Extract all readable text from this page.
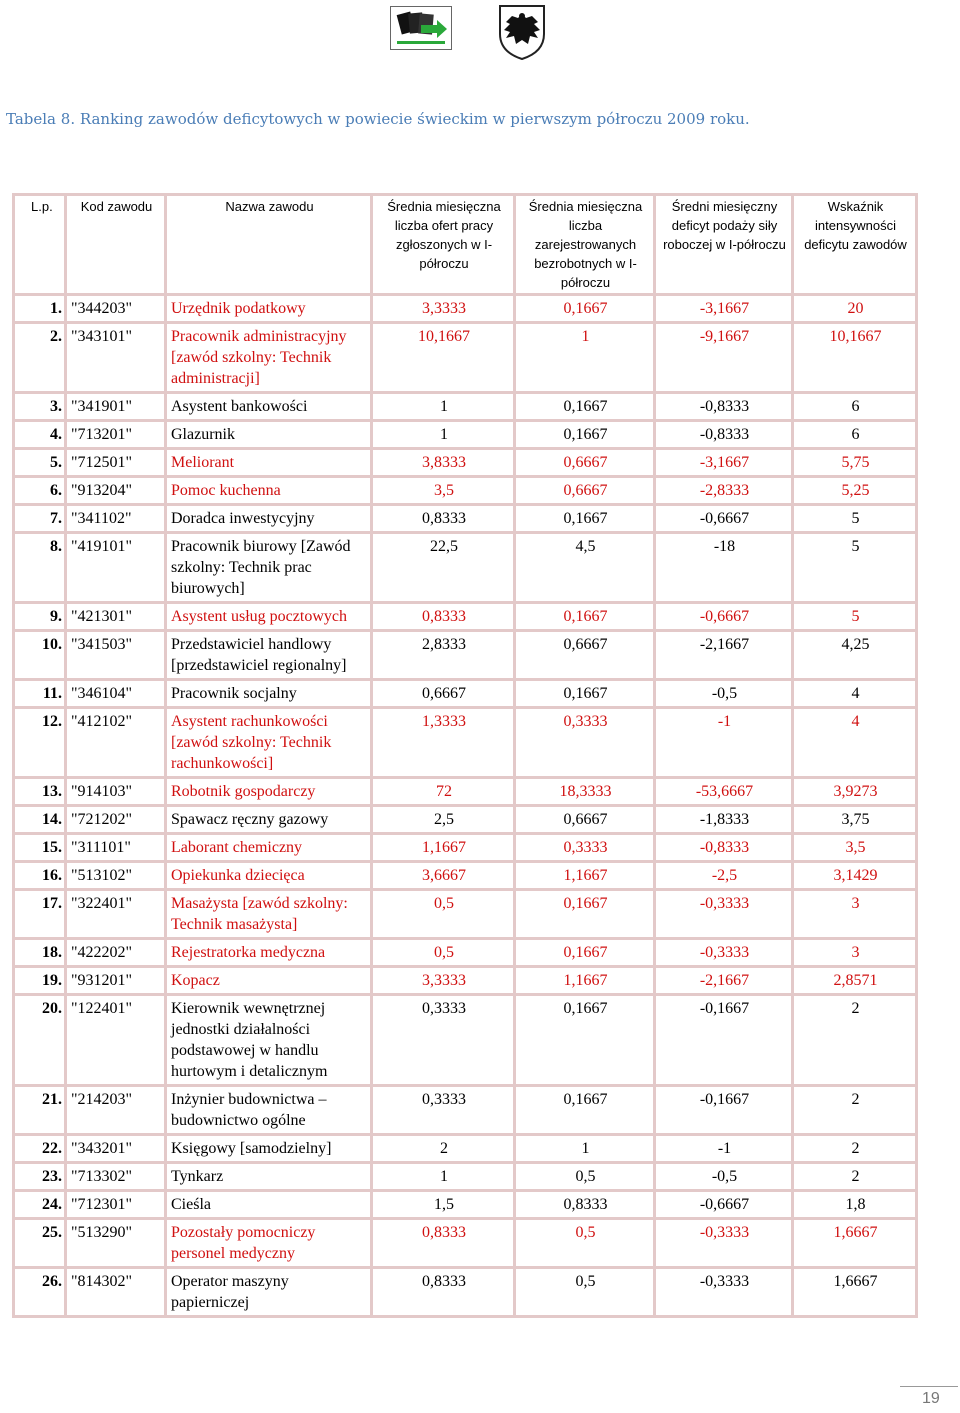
Tabela 8. Ranking zawodów deficytowych w powiecie świeckim w pierwszym półroczu 2009 roku.
L.p.	Kod zawodu	Nazwa zawodu	Średnia miesięczna liczba ofert pracy zgłoszonych w I-półroczu	Średnia miesięczna liczba zarejestrowanych bezrobotnych w I-półroczu	Średni miesięczny deficyt podaży siły roboczej w I-półroczu	Wskaźnik intensywności deficytu zawodów
1.	"344203"	Urzędnik podatkowy	3,3333	0,1667	-3,1667	20
2.	"343101"	Pracownik administracyjny [zawód szkolny: Technik administracji]	10,1667	1	-9,1667	10,1667
3.	"341901"	Asystent bankowości	1	0,1667	-0,8333	6
4.	"713201"	Glazurnik	1	0,1667	-0,8333	6
5.	"712501"	Meliorant	3,8333	0,6667	-3,1667	5,75
6.	"913204"	Pomoc kuchenna	3,5	0,6667	-2,8333	5,25
7.	"341102"	Doradca inwestycyjny	0,8333	0,1667	-0,6667	5
8.	"419101"	Pracownik biurowy [Zawód szkolny: Technik prac biurowych]	22,5	4,5	-18	5
9.	"421301"	Asystent usług pocztowych	0,8333	0,1667	-0,6667	5
10.	"341503"	Przedstawiciel handlowy [przedstawiciel regionalny]	2,8333	0,6667	-2,1667	4,25
11.	"346104"	Pracownik socjalny	0,6667	0,1667	-0,5	4
12.	"412102"	Asystent rachunkowości [zawód szkolny: Technik rachunkowości]	1,3333	0,3333	-1	4
13.	"914103"	Robotnik gospodarczy	72	18,3333	-53,6667	3,9273
14.	"721202"	Spawacz ręczny gazowy	2,5	0,6667	-1,8333	3,75
15.	"311101"	Laborant chemiczny	1,1667	0,3333	-0,8333	3,5
16.	"513102"	Opiekunka dziecięca	3,6667	1,1667	-2,5	3,1429
17.	"322401"	Masażysta [zawód szkolny: Technik masażysta]	0,5	0,1667	-0,3333	3
18.	"422202"	Rejestratorka medyczna	0,5	0,1667	-0,3333	3
19.	"931201"	Kopacz	3,3333	1,1667	-2,1667	2,8571
20.	"122401"	Kierownik wewnętrznej jednostki działalności podstawowej w handlu hurtowym i detalicznym	0,3333	0,1667	-0,1667	2
21.	"214203"	Inżynier budownictwa – budownictwo ogólne	0,3333	0,1667	-0,1667	2
22.	"343201"	Księgowy [samodzielny]	2	1	-1	2
23.	"713302"	Tynkarz	1	0,5	-0,5	2
24.	"712301"	Cieśla	1,5	0,8333	-0,6667	1,8
25.	"513290"	Pozostały pomocniczy personel medyczny	0,8333	0,5	-0,3333	1,6667
26.	"814302"	Operator maszyny papierniczej	0,8333	0,5	-0,3333	1,6667
19
